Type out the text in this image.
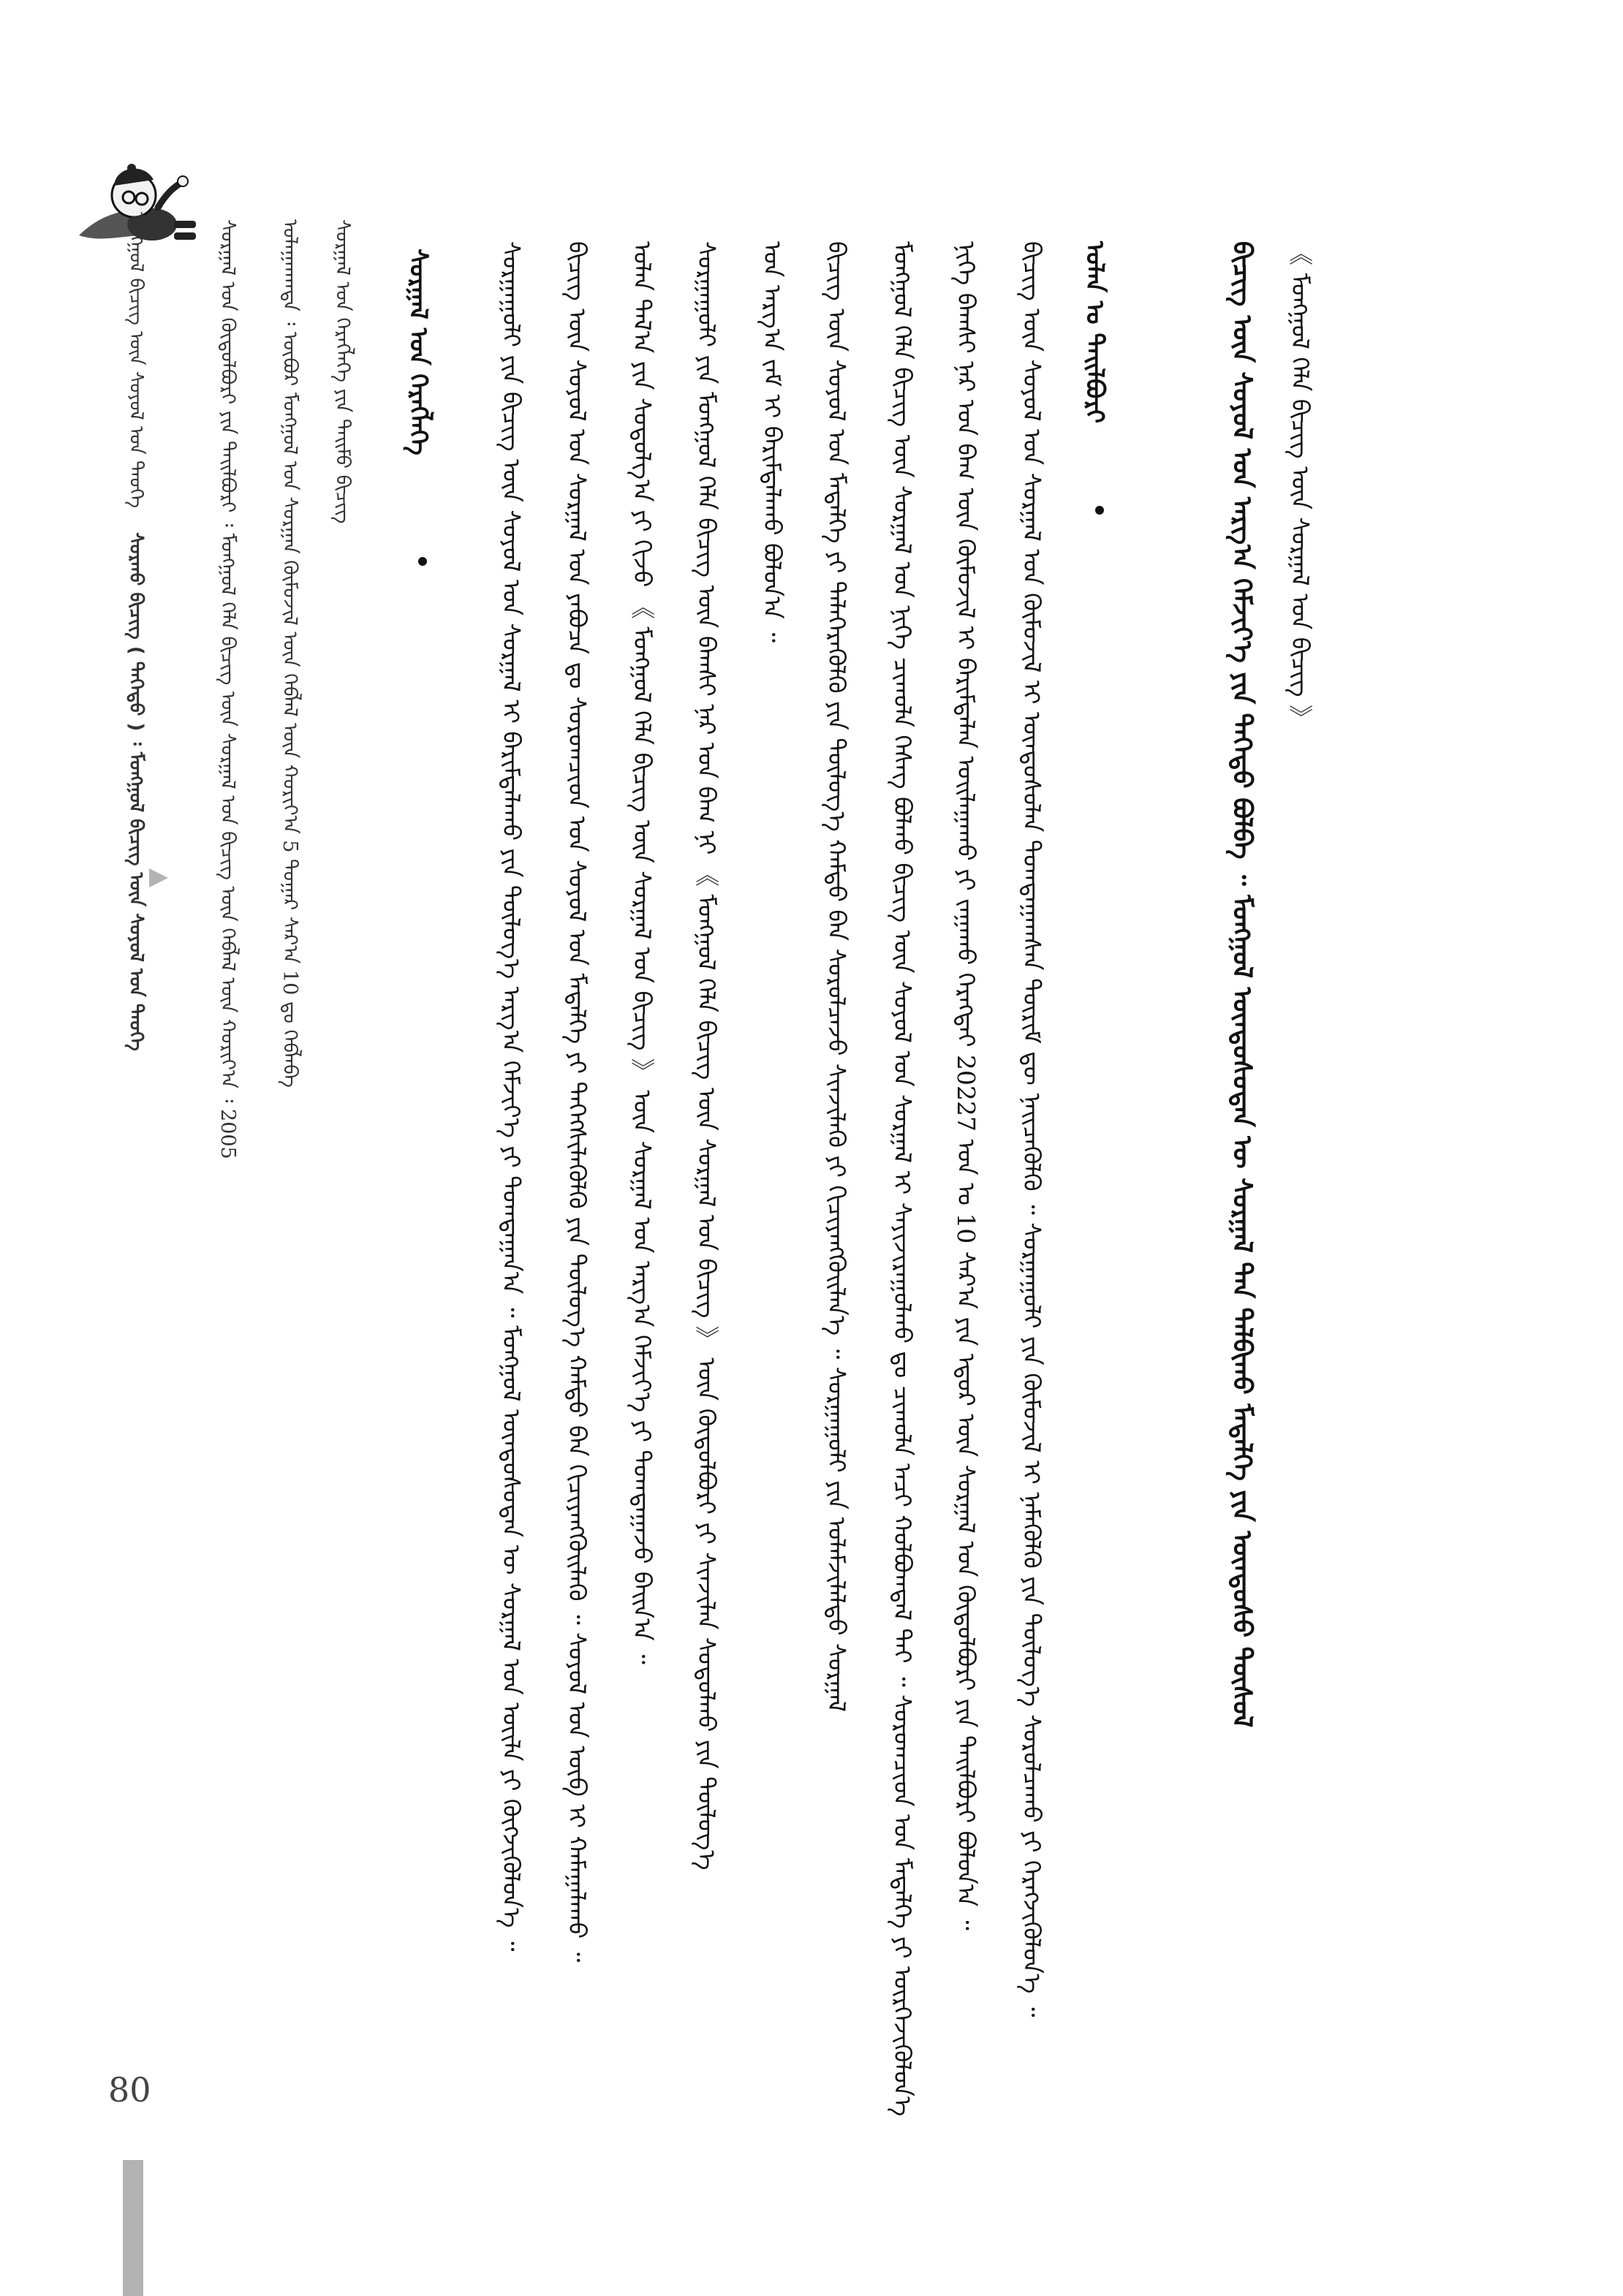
ᠮᠣᠩᠭᠣᠯ ᠪᠢᠴᠢᠭ ᠦᠨ ᠰᠣᠶᠣᠯ ᠤᠨ ᠲᠡᠦᠬᠡ    ᠰᠤᠷᠬᠤ ᠪᠢᠴᠢᠭ᠌ ( ᠳᠡᠭᠡᠳᠦ ) ᠄ ᠮᠣᠩᠭᠣᠯ ᠪᠢᠴᠢᠭ ᠦᠨ ᠰᠣᠶᠣᠯ ᠤᠨ ᠲᠡᠦᠬᠡ	ᠰᠤᠷᠭᠠᠯ ᠤᠨ ᠬᠥᠲᠥᠯᠪᠦᠷᠢ ᠶᠢᠨ ᠲᠠᠢᠯᠪᠤᠷᠢ ᠄ ᠮᠣᠩᠭᠣᠯ ᠬᠡᠯᠡ ᠪᠢᠴᠢᠭ ᠦᠨ ᠰᠤᠷᠭᠠᠯ ᠤᠨ ᠪᠢᠴᠢᠭ ᠦᠨ ᠬᠡᠪᠯᠡᠯ ᠦᠨ ᠬᠣᠷᠢᠶ᠎ᠠ ᠄ 2005	ᠤᠯᠠᠭᠠᠨᠬᠠᠳᠠ ᠄ ᠥᠪᠦᠷ ᠮᠣᠩᠭᠣᠯ ᠤᠨ ᠰᠤᠷᠭᠠᠨ ᠬᠦᠮᠦᠵᠢᠯ ᠦᠨ ᠬᠡᠪᠯᠡᠯ ᠦᠨ ᠬᠣᠷᠢᠶ᠎ᠠ 5 ᠳᠤᠭᠠᠷ ᠰᠠᠷ᠎ᠠ 10 ᠳᠤ ᠬᠡᠪᠯᠡᠪᠡ	ᠰᠤᠷᠭᠠᠯ ᠤᠨ ᠬᠡᠷᠡᠭᠯᠡᠭᠡ ᠶᠢᠨ ᠲᠡᠢᠮᠦ ᠪᠢᠴᠢᠭ	ᠰᠤᠷᠭᠠᠯ ᠤᠨ ᠬᠡᠷᠡᠭᠯᠡᠭᠡ	ᠰᠤᠷᠭᠠᠭᠤᠯᠢ ᠶᠢᠨ ᠪᠢᠴᠢᠭ ᠦᠨ ᠰᠣᠶᠣᠯ ᠤᠨ ᠰᠤᠷᠭᠠᠯ ᠢ ᠪᠠᠷᠢᠮᠲᠠᠯᠠᠬᠤ ᠶᠢᠨ ᠲᠥᠯᠥᠭ᠎ᠡ ᠠᠷᠭ᠎ᠠ ᠬᠡᠮᠵᠢᠶ᠎ᠡ ᠶᠢ ᠲᠣᠭᠲᠠᠭᠠᠨ᠎ᠠ ᠃ ᠮᠣᠩᠭᠣᠯ ᠦᠨᠳᠦᠰᠦᠲᠡᠨ ᠦ ᠰᠤᠷᠭᠠᠯ ᠤᠨ ᠦᠢᠯᠡ ᠶᠢ ᠬᠥᠭᠵᠢᠭᠦᠯᠦᠨ᠎ᠡ ᠃ ᠪᠢᠴᠢᠭ ᠦᠨ ᠰᠣᠶᠣᠯ ᠤᠨ ᠰᠤᠷᠭᠠᠯ ᠤᠨ ᠶᠠᠪᠤᠴᠠ ᠳᠤ ᠰᠤᠷᠤᠭᠴᠢᠳ ᠤᠨ ᠰᠣᠶᠣᠯ ᠤᠨ ᠮᠡᠳᠡᠯᠭᠡ ᠶᠢ ᠳᠡᠭᠡᠭᠰᠢᠯᠡᠭᠦᠯᠬᠦ ᠶᠢᠨ ᠲᠥᠯᠥᠭ᠎ᠡ ᠬᠠᠮᠲᠤ ᠪᠡᠨ ᠬᠢᠴᠢᠶᠡᠩᠭᠦᠢᠯᠡᠬᠦ ᠃ ᠰᠣᠶᠣᠯ ᠤᠨ ᠥᠪ ᠢ ᠬᠠᠮᠠᠭᠠᠯᠠᠬᠤ ᠃ ᠣᠯᠠᠨ ᠲᠠᠯ᠎ᠠ ᠶᠢᠨ ᠰᠤᠳᠤᠯᠭ᠎ᠠ ᠶᠢ ᠬᠢᠵᠦ 《 ᠮᠣᠩᠭᠣᠯ ᠬᠡᠯᠡ ᠪᠢᠴᠢᠭ ᠦᠨ ᠰᠤᠷᠭᠠᠯ ᠤᠨ ᠪᠢᠴᠢᠭ 》 ᠦᠨ ᠰᠤᠷᠭᠠᠯ ᠤᠨ ᠠᠷᠭ᠎ᠠ ᠬᠡᠮᠵᠢᠶ᠎ᠡ ᠶᠢ ᠲᠣᠭᠲᠠᠭᠠᠵᠤ ᠪᠠᠢᠨ᠎ᠠ ᠃ ᠰᠤᠷᠭᠠᠭᠤᠯᠢ ᠶᠢᠨ ᠮᠣᠩᠭᠣᠯ ᠬᠡᠯᠡ ᠪᠢᠴᠢᠭ ᠦᠨ ᠪᠠᠭᠰᠢ ᠨᠠᠷ ᠤᠨ ᠪᠠᠭ ᠨᠢ 《 ᠮᠣᠩᠭᠣᠯ ᠬᠡᠯᠡ ᠪᠢᠴᠢᠭ ᠦᠨ ᠰᠤᠷᠭᠠᠯ ᠤᠨ ᠪᠢᠴᠢᠭ 》 ᠦᠨ ᠬᠥᠲᠥᠯᠪᠦᠷᠢ ᠶᠢ ᠰᠢᠨᠵᠢᠯᠡᠨ ᠰᠤᠳᠤᠯᠬᠤ ᠶᠢᠨ ᠲᠥᠯᠥᠭ᠎ᠡ ᠤᠨ ᠠᠷᠭ᠎ᠠ ᠵᠠᠮ ᠢ ᠪᠠᠷᠢᠮᠲᠠᠯᠠᠬᠤ ᠪᠣᠯᠤᠨ᠎ᠠ ᠃ ᠪᠢᠴᠢᠭ ᠦᠨ ᠰᠣᠶᠣᠯ ᠤᠨ ᠮᠡᠳᠡᠯᠭᠡ ᠶᠢ ᠲᠡᠯᠡᠭᠡᠷᠡᠭᠦᠯᠬᠦ ᠶᠢᠨ ᠲᠥᠯᠥᠭ᠎ᠡ ᠬᠠᠮᠲᠤ ᠪᠡᠨ ᠰᠤᠷᠤᠯᠴᠠᠵᠤ ᠰᠢᠨᠵᠢᠯᠡᠬᠦ ᠶᠢ ᠬᠢᠴᠢᠶᠡᠩᠭᠦᠢᠯᠡᠨ᠎ᠡ ᠃ ᠰᠤᠷᠭᠠᠭᠤᠯᠢ ᠶᠢᠨ ᠤᠯᠠᠮᠵᠢᠯᠠᠯᠲᠤ ᠰᠤᠷᠭᠠᠯ ᠮᠣᠩᠭᠣᠯ ᠬᠡᠯᠡ ᠪᠢᠴᠢᠭ ᠦᠨ ᠰᠤᠷᠭᠠᠯ ᠤᠨ ᠨᠢᠭᠡ ᠴᠢᠬᠤᠯᠠ ᠬᠡᠰᠡᠭ ᠪᠣᠯᠬᠤ ᠪᠢᠴᠢᠭ ᠦᠨ ᠰᠣᠶᠣᠯ ᠤᠨ ᠰᠤᠷᠭᠠᠯ ᠢ ᠰᠠᠶᠢᠵᠢᠷᠠᠭᠤᠯᠬᠤ ᠳᠤ ᠴᠢᠬᠤᠯᠠ ᠠᠴᠢ ᠬᠣᠯᠪᠣᠭᠳᠠᠯ ᠲᠠᠢ ᠃ ᠰᠤᠷᠤᠭᠴᠢᠳ ᠤᠨ ᠮᠡᠳᠡᠯᠭᠡ ᠶᠢ ᠥᠷᠭᠡᠵᠢᠭᠦᠯᠦᠨ᠎ᠡ ᠨᠢᠭᠡ ᠪᠠᠭᠰᠢ ᠨᠠᠷ ᠤᠨ ᠪᠠᠭ ᠦᠨ ᠬᠦᠮᠦᠵᠢᠯ ᠢ ᠪᠠᠷᠢᠮᠲᠠᠯᠠᠨ ᠣᠢᠯᠠᠭᠠᠬᠤ ᠶᠢ ᠵᠠᠭᠠᠬᠤ ᠬᠡᠷᠡᠭᠲᠡᠢ 20227 ᠣᠨ ᠤ 10 ᠰᠠᠷ᠎ᠠ ᠶᠢᠨ ᠡᠳᠦᠷ ᠦᠨ ᠰᠤᠷᠭᠠᠯ ᠤᠨ ᠬᠥᠲᠥᠯᠪᠦᠷᠢ ᠶᠢᠨ ᠲᠠᠢᠯᠪᠤᠷᠢ ᠪᠣᠯᠤᠨ᠎ᠠ ᠃ ᠪᠢᠴᠢᠭ ᠦᠨ ᠰᠣᠶᠣᠯ ᠤᠨ ᠰᠤᠷᠭᠠᠯ ᠤᠨ ᠬᠦᠮᠦᠵᠢᠯ ᠢ ᠦᠨᠳᠦᠰᠦᠯᠡᠨ ᠲᠣᠭᠲᠠᠭᠠᠭᠰᠠᠨ ᠳᠦᠷᠢᠮ ᠳᠦ ᠨᠡᠢᠴᠡᠭᠦᠯᠬᠦ ᠃ ᠰᠤᠷᠭᠠᠭᠤᠯᠢ ᠶᠢᠨ ᠬᠦᠮᠦᠵᠢᠯ ᠢ ᠨᠡᠮᠡᠭᠦᠯᠬᠦ ᠶᠢᠨ ᠲᠥᠯᠥᠭ᠎ᠡ ᠰᠤᠷᠤᠯᠴᠠᠬᠤ ᠶᠢ ᠬᠡᠷᠡᠭᠵᠢᠭᠦᠯᠦᠨ᠎ᠡ ᠃ ᠣᠯᠠᠨ ᠤ ᠲᠠᠢᠯᠪᠤᠷᠢ	ᠪᠢᠴᠢᠭ ᠦᠨ ᠰᠣᠶᠣᠯ ᠤᠨ ᠠᠷᠭ᠎ᠠ ᠬᠡᠮᠵᠢᠶ᠎ᠡ ᠶᠢᠨ ᠳᠡᠭᠡᠳᠦ ᠪᠣᠯᠪᠠ ᠃ ᠮᠣᠩᠭᠣᠯ ᠦᠨᠳᠦᠰᠦᠲᠡᠨ ᠦ ᠰᠤᠷᠭᠠᠯ ᠲᠠᠨ ᠲᠠᠯᠪᠢᠬᠤ ᠮᠡᠳᠡᠯᠭᠡ ᠶᠢᠨ ᠦᠨᠳᠦᠰᠦ ᠲᠦᠰᠦᠯ 《 ᠮᠣᠩᠭᠣᠯ ᠬᠡᠯᠡ ᠪᠢᠴᠢᠭ ᠦᠨ ᠰᠤᠷᠭᠠᠯ ᠤᠨ ᠪᠢᠴᠢᠭ 》
80
